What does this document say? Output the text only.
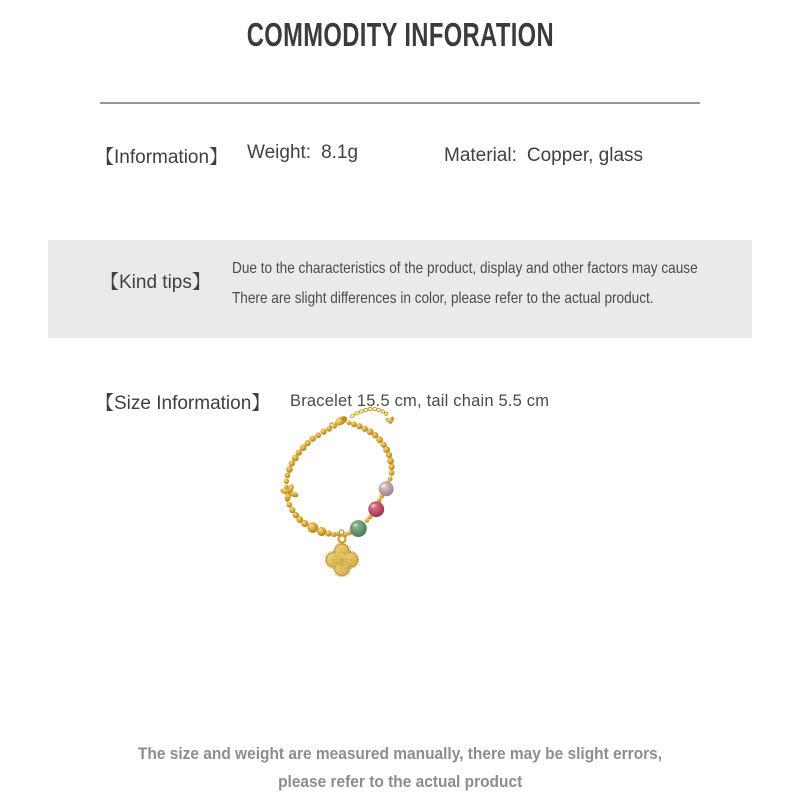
COMMODITY INFORATION
【Information】 Weight: 8.1g	Material: Copper, glass
【Kind tips】
Due to the characteristics of the product, display and other factors may cause
There are slight differences in color, please refer to the actual product.
【Size Information】 Bracelet 15.5 cm, tail chain 5.5 cm
The size and weight are measured manually, there may be slight errors,
please refer to the actual product
